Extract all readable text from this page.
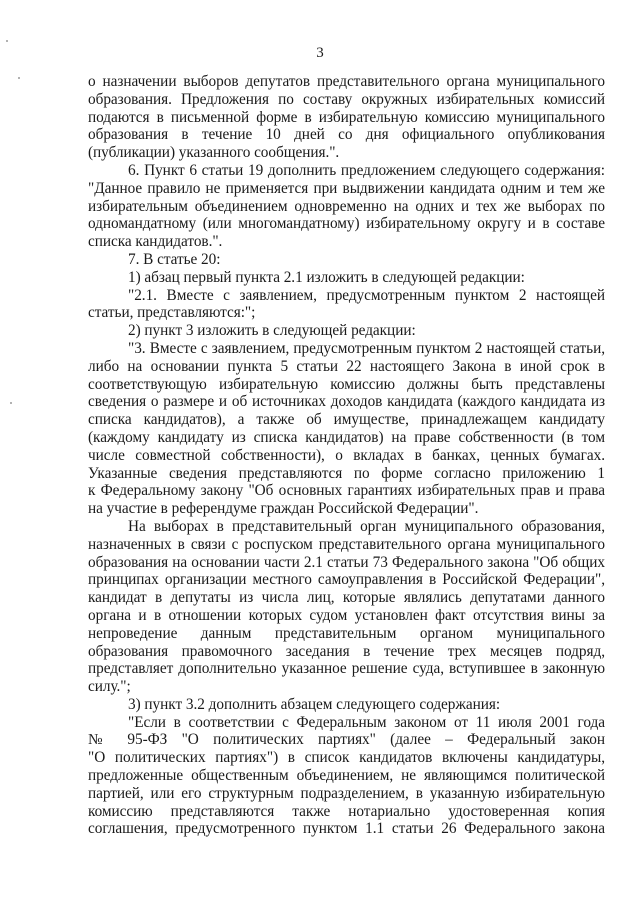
3
о назначении выборов депутатов представительного органа муниципального
образования. Предложения по составу окружных избирательных комиссий
подаются в письменной форме в избирательную комиссию муниципального
образования в течение 10 дней со дня официального опубликования
(публикации) указанного сообщения.".
6. Пункт 6 статьи 19 дополнить предложением следующего содержания:
"Данное правило не применяется при выдвижении кандидата одним и тем же
избирательным объединением одновременно на одних и тех же выборах по
одномандатному (или многомандатному) избирательному округу и в составе
списка кандидатов.".
7. В статье 20:
1) абзац первый пункта 2.1 изложить в следующей редакции:
"2.1. Вместе с заявлением, предусмотренным пунктом 2 настоящей
статьи, представляются:";
2) пункт 3 изложить в следующей редакции:
"3. Вместе с заявлением, предусмотренным пунктом 2 настоящей статьи,
либо на основании пункта 5 статьи 22 настоящего Закона в иной срок в
соответствующую избирательную комиссию должны быть представлены
сведения о размере и об источниках доходов кандидата (каждого кандидата из
списка кандидатов), а также об имуществе, принадлежащем кандидату
(каждому кандидату из списка кандидатов) на праве собственности (в том
числе совместной собственности), о вкладах в банках, ценных бумагах.
Указанные сведения представляются по форме согласно приложению 1
к Федеральному закону "Об основных гарантиях избирательных прав и права
на участие в референдуме граждан Российской Федерации".
На выборах в представительный орган муниципального образования,
назначенных в связи с роспуском представительного органа муниципального
образования на основании части 2.1 статьи 73 Федерального закона "Об общих
принципах организации местного самоуправления в Российской Федерации",
кандидат в депутаты из числа лиц, которые являлись депутатами данного
органа и в отношении которых судом установлен факт отсутствия вины за
непроведение данным представительным органом муниципального
образования правомочного заседания в течение трех месяцев подряд,
представляет дополнительно указанное решение суда, вступившее в законную
силу.";
3) пункт 3.2 дополнить абзацем следующего содержания:
"Если в соответствии с Федеральным законом от 11 июля 2001 года
№ 95-ФЗ "О политических партиях" (далее – Федеральный закон
"О политических партиях") в список кандидатов включены кандидатуры,
предложенные общественным объединением, не являющимся политической
партией, или его структурным подразделением, в указанную избирательную
комиссию представляются также нотариально удостоверенная копия
соглашения, предусмотренного пунктом 1.1 статьи 26 Федерального закона
